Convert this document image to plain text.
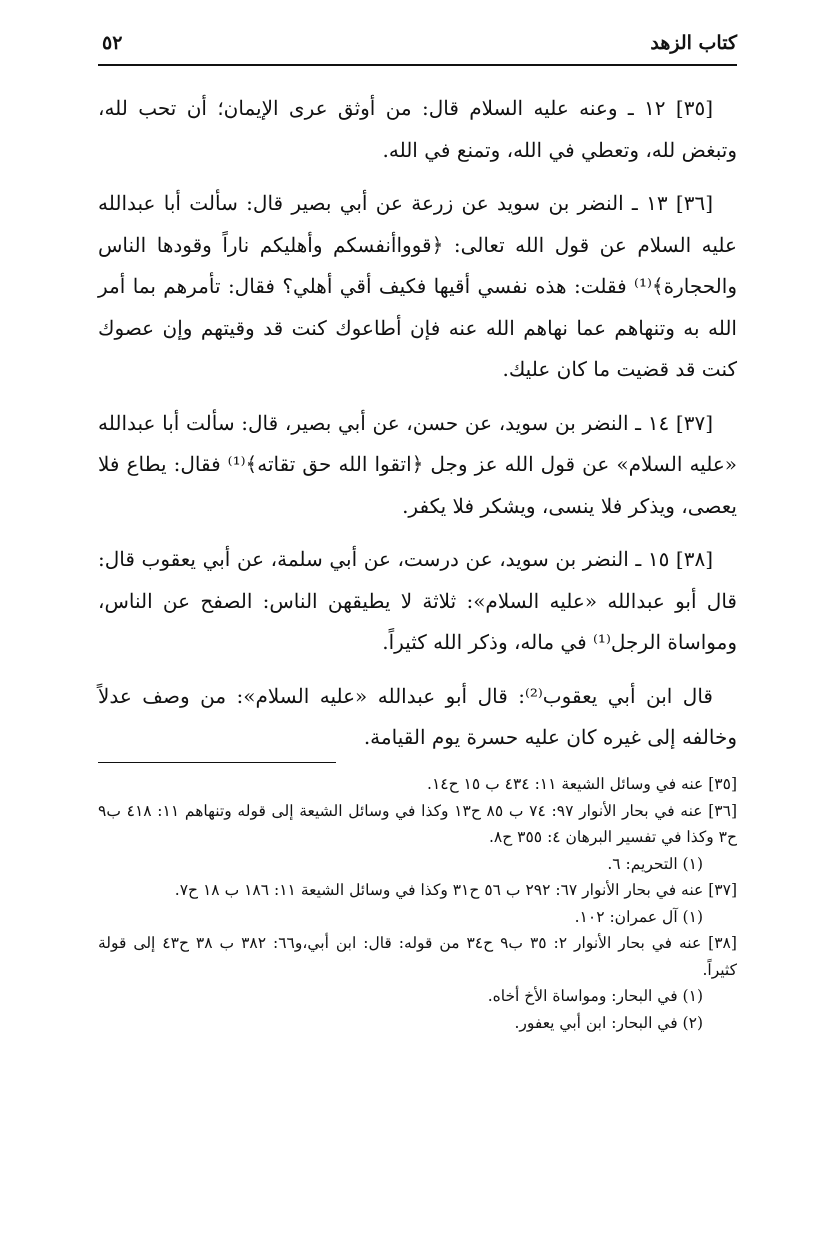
كتاب الزهد
٥٢

[٣٥] ١٢ ـ وعنه عليه السلام قال: من أوثق عرى الإيمان؛ أن تحب لله، وتبغض لله، وتعطي في الله، وتمنع في الله.

[٣٦] ١٣ ـ النضر بن سويد عن زرعة عن أبي بصير قال: سألت أبا عبدالله عليه السلام عن قول الله تعالى: ﴿قوواأنفسكم وأهليكم ناراً وقودها الناس والحجارة﴾⁽¹⁾ فقلت: هذه نفسي أقيها فكيف أقي أهلي؟ فقال: تأمرهم بما أمر الله به وتنهاهم عما نهاهم الله عنه فإن أطاعوك كنت قد وقيتهم وإن عصوك كنت قد قضيت ما كان عليك.

[٣٧] ١٤ ـ النضر بن سويد، عن حسن، عن أبي بصير، قال: سألت أبا عبدالله «عليه السلام» عن قول الله عز وجل ﴿اتقوا الله حق تقاته﴾⁽¹⁾ فقال: يطاع فلا يعصى، ويذكر فلا ينسى، ويشكر فلا يكفر.

[٣٨] ١٥ ـ النضر بن سويد، عن درست، عن أبي سلمة، عن أبي يعقوب قال: قال أبو عبدالله «عليه السلام»: ثلاثة لا يطيقهن الناس: الصفح عن الناس، ومواساة الرجل⁽¹⁾ في ماله، وذكر الله كثيراً.

قال ابن أبي يعقوب⁽²⁾: قال أبو عبدالله «عليه السلام»: من وصف عدلاً وخالفه إلى غيره كان عليه حسرة يوم القيامة.

[٣٥] عنه في وسائل الشيعة ١١: ٤٣٤ ب ١٥ ح١٤.

[٣٦] عنه في بحار الأنوار ٩٧: ٧٤ ب ٨٥ ح١٣ وكذا في وسائل الشيعة إلى قوله وتنهاهم ١١: ٤١٨ ب٩ ح٣ وكذا في تفسير البرهان ٤: ٣٥٥ ح٨.

(١) التحريم: ٦.

[٣٧] عنه في بحار الأنوار ٦٧: ٢٩٢ ب ٥٦ ح٣١ وكذا في وسائل الشيعة ١١: ١٨٦ ب ١٨ ح٧.

(١) آل عمران: ١٠٢.

[٣٨] عنه في بحار الأنوار ٢: ٣٥ ب٩ ح٣٤ من قوله: قال: ابن أبي،و٦٦: ٣٨٢ ب ٣٨ ح٤٣ إلى قولة كثيراً.

(١) في البحار: ومواساة الأخ أخاه.

(٢) في البحار: ابن أبي يعفور.
